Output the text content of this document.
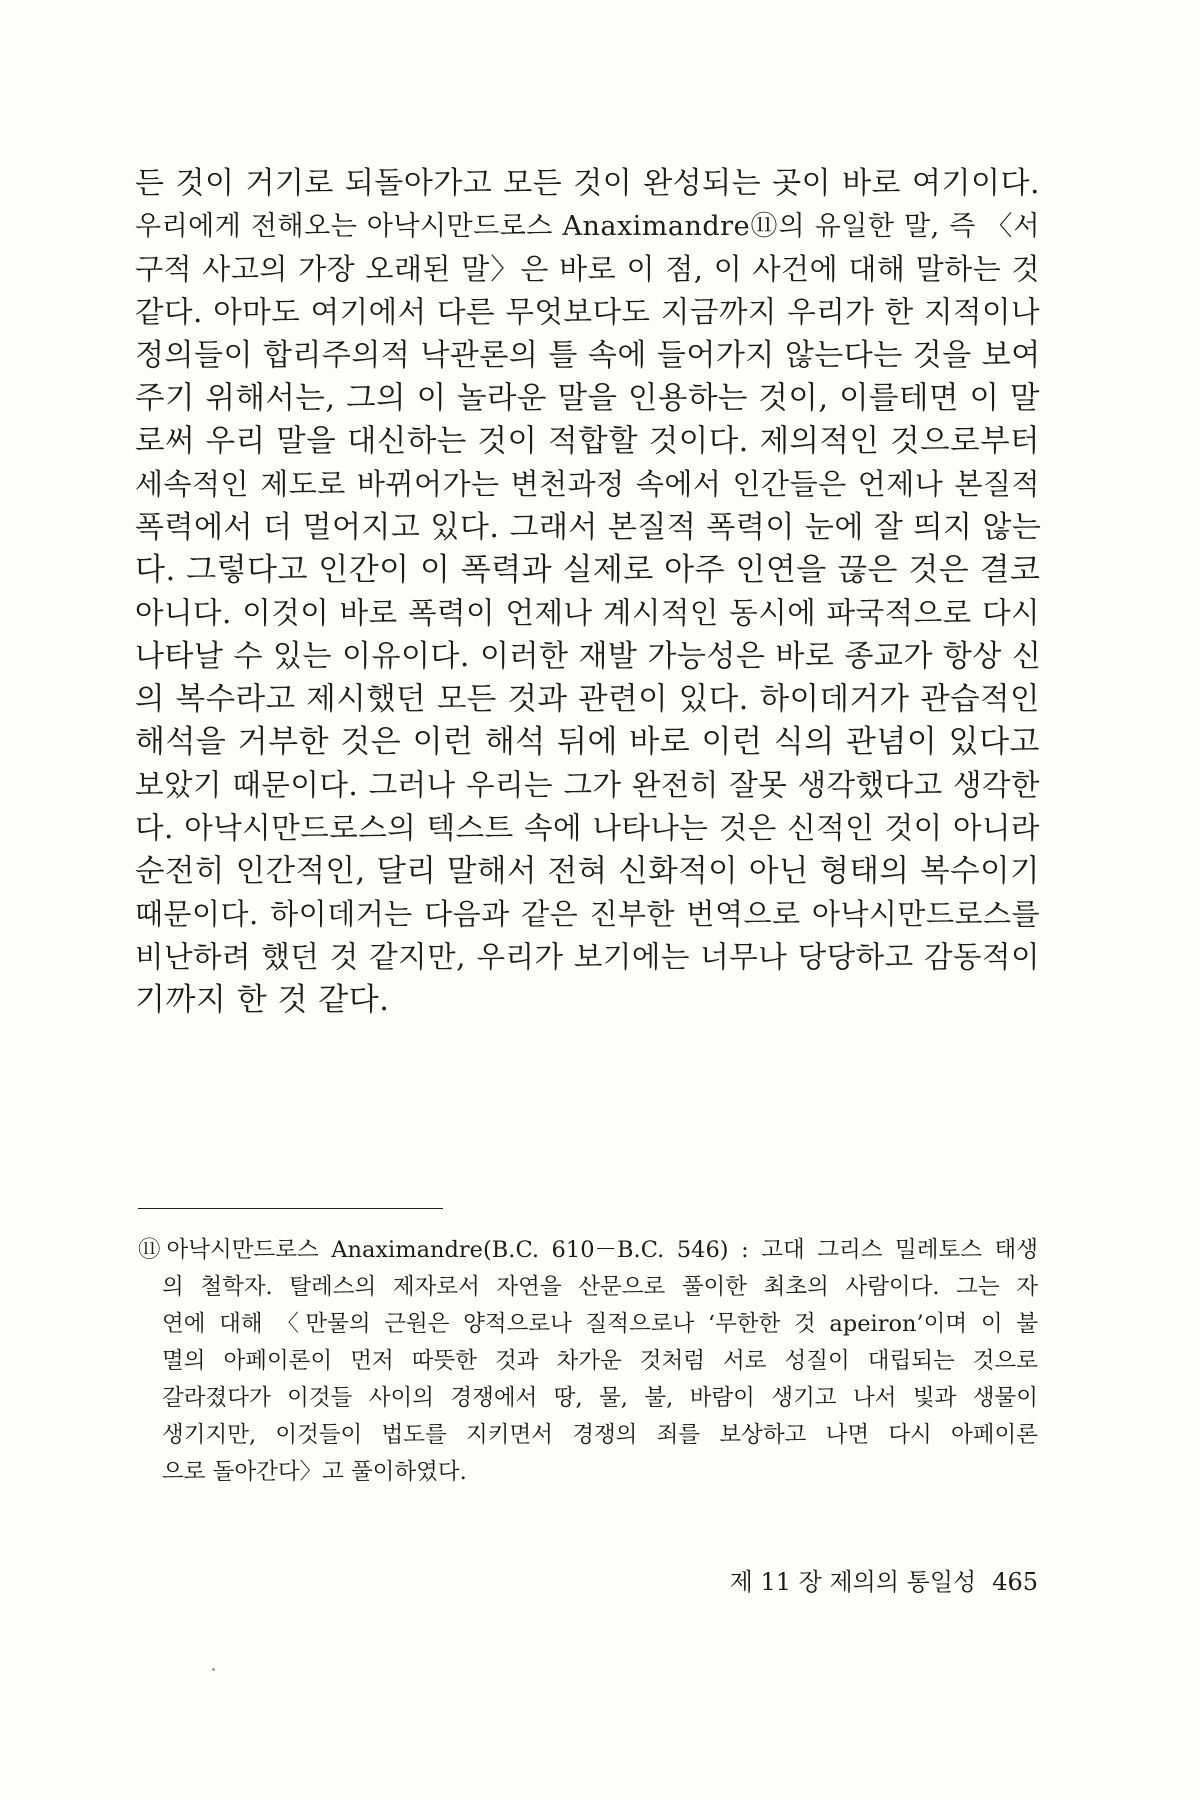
든 것이 거기로 되돌아가고 모든 것이 완성되는 곳이 바로 여기이다.
우리에게 전해오는 아낙시만드로스 Anaximandre⑪의 유일한 말, 즉 〈서
구적 사고의 가장 오래된 말〉은 바로 이 점, 이 사건에 대해 말하는 것
같다. 아마도 여기에서 다른 무엇보다도 지금까지 우리가 한 지적이나
정의들이 합리주의적 낙관론의 틀 속에 들어가지 않는다는 것을 보여
주기 위해서는, 그의 이 놀라운 말을 인용하는 것이, 이를테면 이 말
로써 우리 말을 대신하는 것이 적합할 것이다. 제의적인 것으로부터
세속적인 제도로 바뀌어가는 변천과정 속에서 인간들은 언제나 본질적
폭력에서 더 멀어지고 있다. 그래서 본질적 폭력이 눈에 잘 띄지 않는
다. 그렇다고 인간이 이 폭력과 실제로 아주 인연을 끊은 것은 결코
아니다. 이것이 바로 폭력이 언제나 계시적인 동시에 파국적으로 다시
나타날 수 있는 이유이다. 이러한 재발 가능성은 바로 종교가 항상 신
의 복수라고 제시했던 모든 것과 관련이 있다. 하이데거가 관습적인
해석을 거부한 것은 이런 해석 뒤에 바로 이런 식의 관념이 있다고
보았기 때문이다. 그러나 우리는 그가 완전히 잘못 생각했다고 생각한
다. 아낙시만드로스의 텍스트 속에 나타나는 것은 신적인 것이 아니라
순전히 인간적인, 달리 말해서 전혀 신화적이 아닌 형태의 복수이기
때문이다. 하이데거는 다음과 같은 진부한 번역으로 아낙시만드로스를
비난하려 했던 것 같지만, 우리가 보기에는 너무나 당당하고 감동적이
기까지 한 것 같다.
⑪ 아낙시만드로스 Anaximandre(B.C. 610－B.C. 546) : 고대 그리스 밀레토스 태생
의 철학자. 탈레스의 제자로서 자연을 산문으로 풀이한 최초의 사람이다. 그는 자
연에 대해 〈만물의 근원은 양적으로나 질적으로나 ‘무한한 것 apeiron’이며 이 불
멸의 아페이론이 먼저 따뜻한 것과 차가운 것처럼 서로 성질이 대립되는 것으로
갈라졌다가 이것들 사이의 경쟁에서 땅, 물, 불, 바람이 생기고 나서 빛과 생물이
생기지만, 이것들이 법도를 지키면서 경쟁의 죄를 보상하고 나면 다시 아페이론
으로 돌아간다〉고 풀이하였다.
제 11 장 제의의 통일성 465
